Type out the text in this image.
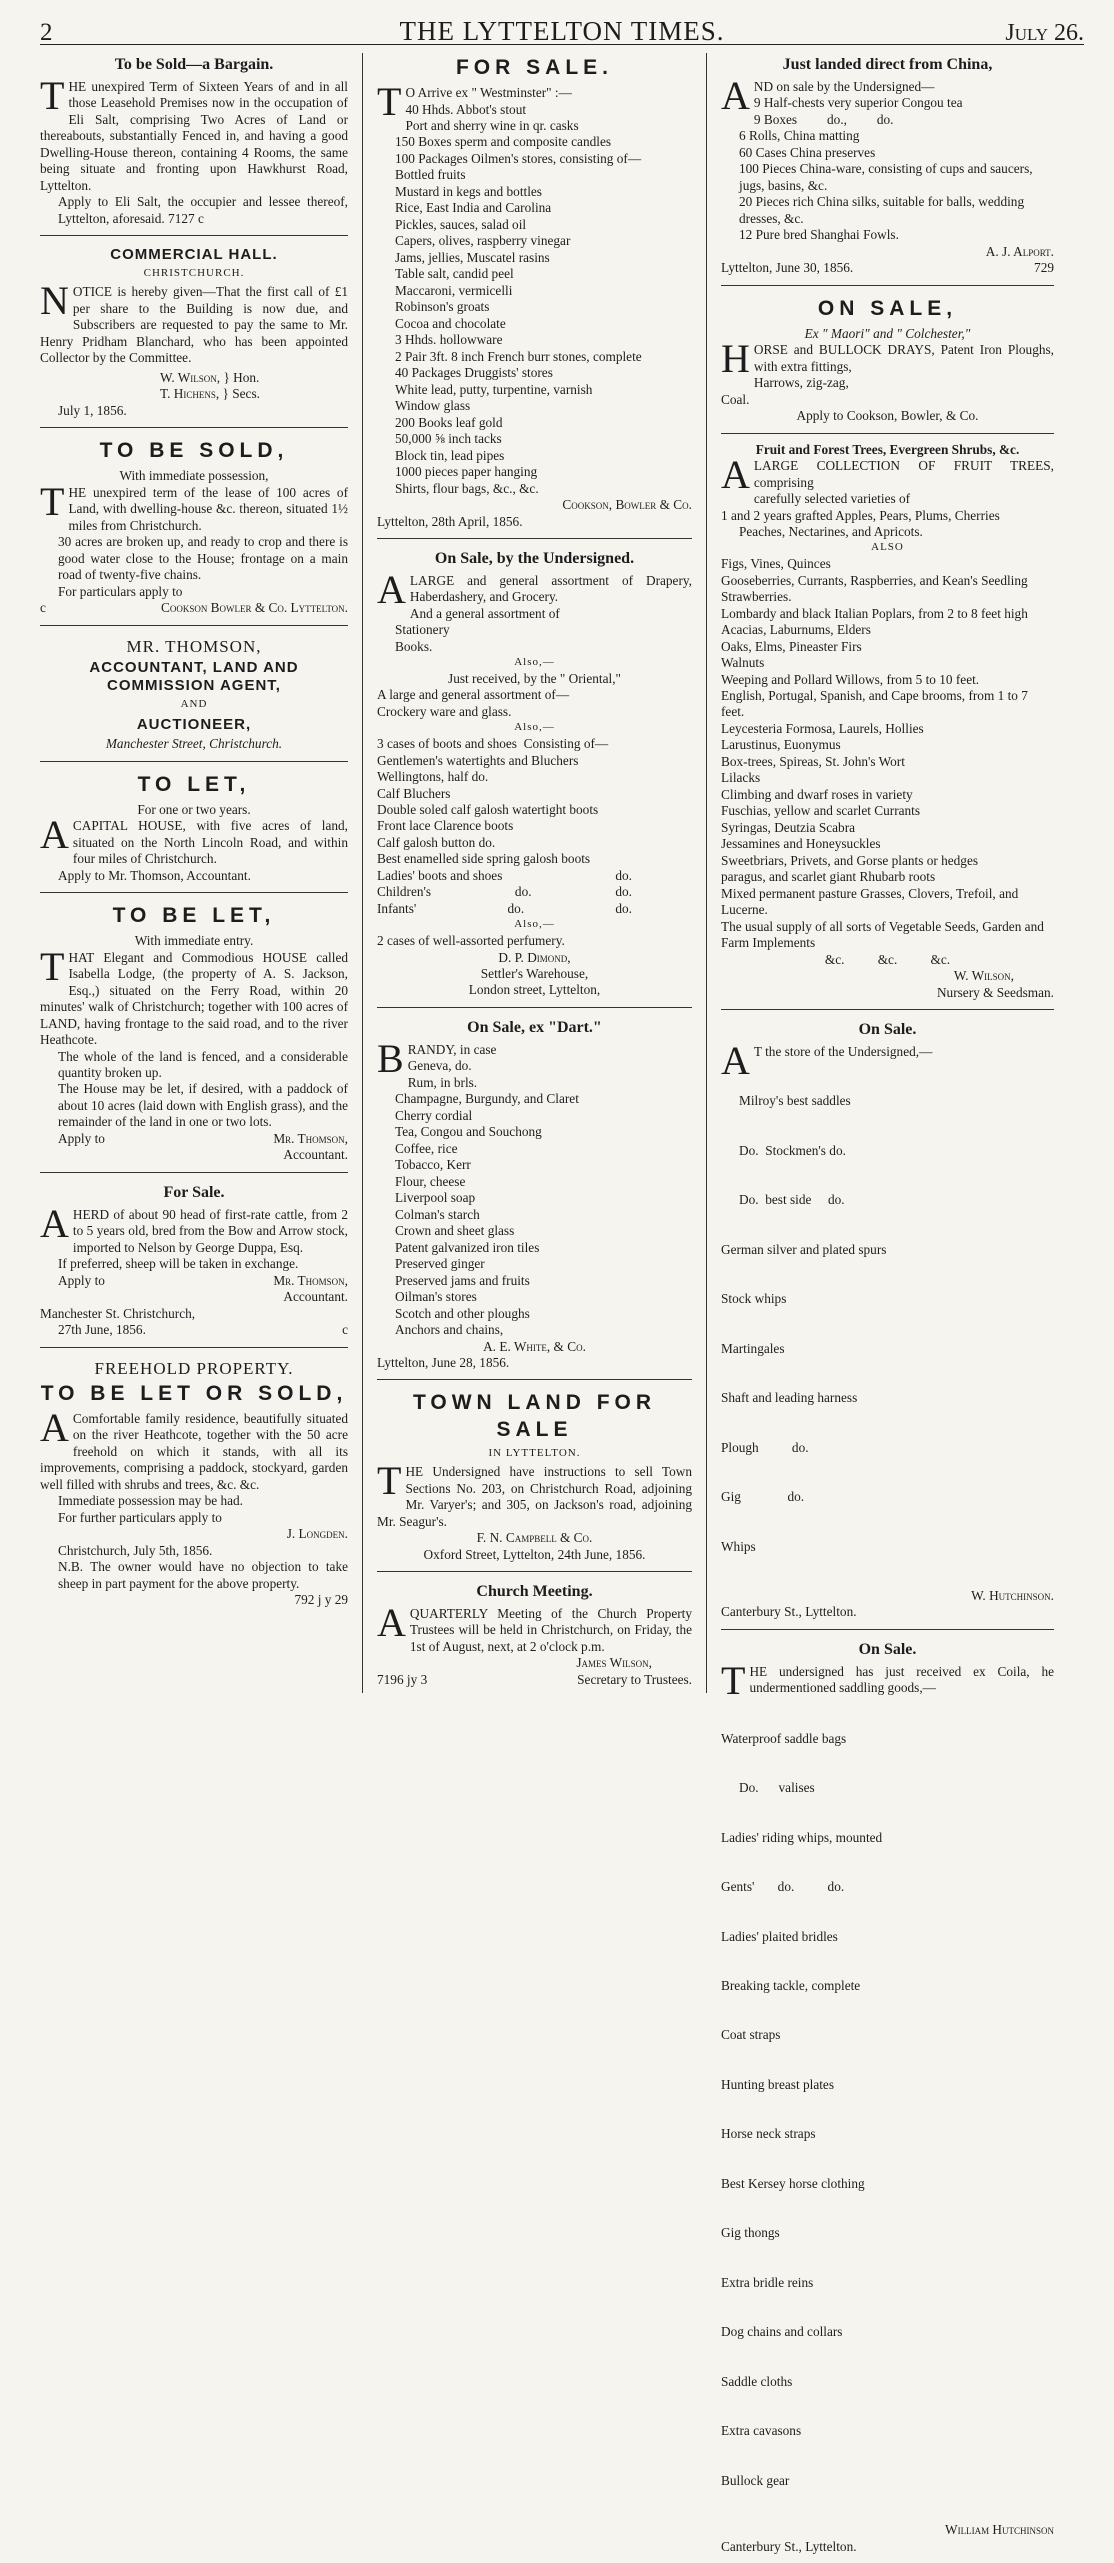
2	THE LYTTELTON TIMES.	July 26.
To be Sold—a Bargain.

THE unexpired Term of Sixteen Years of and in all those Leasehold Premises now in the occupation of Eli Salt, comprising Two Acres of Land or thereabouts, substantially Fenced in, and having a good Dwelling-House thereon, containing 4 Rooms, the same being situate and fronting upon Hawkhurst Road, Lyttelton.

Apply to Eli Salt, the occupier and lessee thereof, Lyttelton, aforesaid. 7127 c

COMMERCIAL HALL.
CHRISTCHURCH.

NOTICE is hereby given—That the first call of £1 per share to the Building is now due, and Subscribers are requested to pay the same to Mr. Henry Pridham Blanchard, who has been appointed Collector by the Committee.

W. Wilson, } Hon.
T. Hichens, } Secs.
July 1, 1856.
TO BE SOLD,
With immediate possession,

THE unexpired term of the lease of 100 acres of Land, with dwelling-house &c. thereon, situated 1½ miles from Christchurch.

30 acres are broken up, and ready to crop and there is good water close to the House; frontage on a main road of twenty-five chains.

For particulars apply to

c	Cookson Bowler & Co. Lyttelton.
MR. THOMSON,
ACCOUNTANT, LAND AND COMMISSION AGENT,
AND
AUCTIONEER,
Manchester Street, Christchurch.
TO LET,
For one or two years.

ACAPITAL HOUSE, with five acres of land, situated on the North Lincoln Road, and within four miles of Christchurch.

Apply to Mr. Thomson, Accountant.

TO BE LET,
With immediate entry.

THAT Elegant and Commodious HOUSE called Isabella Lodge, (the property of A. S. Jackson, Esq.,) situated on the Ferry Road, within 20 minutes' walk of Christchurch; together with 100 acres of LAND, having frontage to the said road, and to the river Heathcote.

The whole of the land is fenced, and a considerable quantity broken up.

The House may be let, if desired, with a paddock of about 10 acres (laid down with English grass), and the remainder of the land in one or two lots.

Apply to	Mr. Thomson,
Accountant.
For Sale.

AHERD of about 90 head of first-rate cattle, from 2 to 5 years old, bred from the Bow and Arrow stock, imported to Nelson by George Duppa, Esq.

If preferred, sheep will be taken in exchange.

Apply to	Mr. Thomson,
Accountant.
Manchester St. Christchurch,
27th June, 1856.	c
FREEHOLD PROPERTY.
TO BE LET OR SOLD,

A Comfortable family residence, beautifully situated on the river Heathcote, together with the 50 acre freehold on which it stands, with all its improvements, comprising a paddock, stockyard, garden well filled with shrubs and trees, &c. &c.

Immediate possession may be had.

For further particulars apply to

J. Longden.
Christchurch, July 5th, 1856.

N.B. The owner would have no objection to take sheep in part payment for the above property.

792 j y 29
FOR SALE.

T O Arrive ex " Westminster" :—

40 Hhds. Abbot's stout
Port and sherry wine in qr. casks
150 Boxes sperm and composite candles
100 Packages Oilmen's stores, consisting of—
Bottled fruits
Mustard in kegs and bottles
Rice, East India and Carolina
Pickles, sauces, salad oil
Capers, olives, raspberry vinegar
Jams, jellies, Muscatel rasins
Table salt, candid peel
Maccaroni, vermicelli
Robinson's groats
Cocoa and chocolate
3 Hhds. hollowware
2 Pair 3ft. 8 inch French burr stones, complete
40 Packages Druggists' stores
White lead, putty, turpentine, varnish
Window glass
200 Books leaf gold
50,000 ⅝ inch tacks
Block tin, lead pipes
1000 pieces paper hanging
Shirts, flour bags, &c., &c.
Cookson, Bowler & Co.
Lyttelton, 28th April, 1856.
On Sale, by the Undersigned.

ALARGE and general assortment of Drapery, Haberdashery, and Grocery.

And a general assortment of
Stationery
Books.
Also,—
Just received, by the " Oriental,"
A large and general assortment of—
Crockery ware and glass.
Also,—
3 cases of boots and shoes  Consisting of—
Gentlemen's watertights and Bluchers
Wellingtons, half do.
Calf Bluchers
Double soled calf galosh watertight boots
Front lace Clarence boots
Calf galosh button do.
Best enamelled side spring galosh boots
Ladies' boots and shoes	do.
Children's	do.	do.
Infants'	do.	do.
Also,—
2 cases of well-assorted perfumery.
D. P. Dimond,
Settler's Warehouse,
London street, Lyttelton,
On Sale, ex "Dart."

BRANDY, in case

Geneva, do.
Rum, in brls.
Champagne, Burgundy, and Claret
Cherry cordial
Tea, Congou and Souchong
Coffee, rice
Tobacco, Kerr
Flour, cheese
Liverpool soap
Colman's starch
Crown and sheet glass
Patent galvanized iron tiles
Preserved ginger
Preserved jams and fruits
Oilman's stores
Scotch and other ploughs
Anchors and chains,
A. E. White, & Co.
Lyttelton, June 28, 1856.
TOWN LAND FOR SALE
IN LYTTELTON.

THE Undersigned have instructions to sell Town Sections No. 203, on Christchurch Road, adjoining Mr. Varyer's; and 305, on Jackson's road, adjoining Mr. Seagur's.

F. N. Campbell & Co.
Oxford Street, Lyttelton, 24th June, 1856.
Church Meeting.

AQUARTERLY Meeting of the Church Property Trustees will be held in Christchurch, on Friday, the 1st of August, next, at 2 o'clock p.m.

James Wilson,
7196 jy 3	Secretary to Trustees.
Just landed direct from China,

AND on sale by the Undersigned—

9 Half-chests very superior Congou tea
9 Boxes         do.,         do.
6 Rolls, China matting
60 Cases China preserves
100 Pieces China-ware, consisting of cups and saucers, jugs, basins, &c.
20 Pieces rich China silks, suitable for balls, wedding dresses, &c.
12 Pure bred Shanghai Fowls.
A. J. Alport.
Lyttelton, June 30, 1856.	729
ON SALE,
Ex " Maori" and " Colchester,"

HORSE and BULLOCK DRAYS, Patent Iron Ploughs, with extra fittings,

Harrows, zig-zag,
Coal.
Apply to Cookson, Bowler, & Co.
Fruit and Forest Trees, Evergreen Shrubs, &c.

ALARGE COLLECTION OF FRUIT TREES, comprising

carefully selected varieties of
1 and 2 years grafted Apples, Pears, Plums, Cherries
Peaches, Nectarines, and Apricots.
ALSO
Figs, Vines, Quinces
Gooseberries, Currants, Raspberries, and Kean's Seedling Strawberries.
Lombardy and black Italian Poplars, from 2 to 8 feet high
Acacias, Laburnums, Elders
Oaks, Elms, Pineaster Firs
Walnuts
Weeping and Pollard Willows, from 5 to 10 feet.
English, Portugal, Spanish, and Cape brooms, from 1 to 7 feet.
Leycesteria Formosa, Laurels, Hollies
Larustinus, Euonymus
Box-trees, Spireas, St. John's Wort
Lilacks
Climbing and dwarf roses in variety
Fuschias, yellow and scarlet Currants
Syringas, Deutzia Scabra
Jessamines and Honeysuckles
Sweetbriars, Privets, and Gorse plants or hedges
paragus, and scarlet giant Rhubarb roots
Mixed permanent pasture Grasses, Clovers, Trefoil, and Lucerne.
The usual supply of all sorts of Vegetable Seeds, Garden and Farm Implements
&c.          &c.          &c.
W. Wilson,
Nursery & Seedsman.
On Sale.

A T the store of the Undersigned,—

Milroy's best saddles

Do.  Stockmen's do.

Do.  best side     do.

German silver and plated spurs

Stock whips

Martingales

Shaft and leading harness

Plough          do.

Gig              do.

Whips

W. Hutchinson.
Canterbury St., Lyttelton.
On Sale.

THE undersigned has just received ex Coila, he undermentioned saddling goods,—

Waterproof saddle bags

Do.      valises

Ladies' riding whips, mounted

Gents'       do.          do.

Ladies' plaited bridles

Breaking tackle, complete

Coat straps

Hunting breast plates

Horse neck straps

Best Kersey horse clothing

Gig thongs

Extra bridle reins

Dog chains and collars

Saddle cloths

Extra cavasons

Bullock gear

William Hutchinson
Canterbury St., Lyttelton.
